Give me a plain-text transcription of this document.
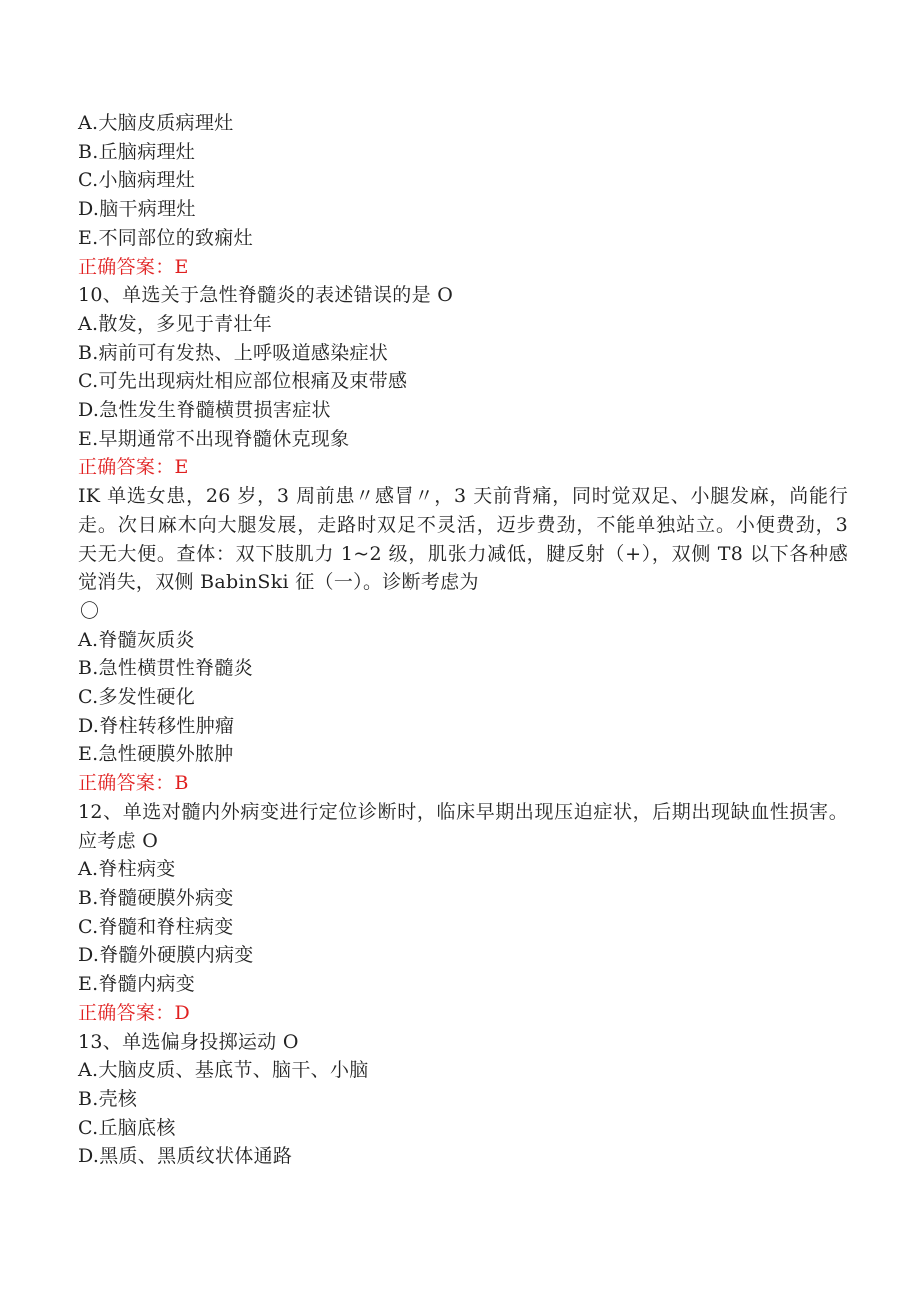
A.大脑皮质病理灶
B.丘脑病理灶
C.小脑病理灶
D.脑干病理灶
E.不同部位的致痫灶
正确答案：E
10、单选关于急性脊髓炎的表述错误的是 O
A.散发，多见于青壮年
B.病前可有发热、上呼吸道感染症状
C.可先出现病灶相应部位根痛及束带感
D.急性发生脊髓横贯损害症状
E.早期通常不出现脊髓休克现象
正确答案：E
IK 单选女患，26 岁，3 周前患〃感冒〃，3 天前背痛，同时觉双足、小腿发麻，尚能行走。次日麻木向大腿发展，走路时双足不灵活，迈步费劲，不能单独站立。小便费劲，3 天无大便。查体：双下肢肌力 1~2 级，肌张力减低，腱反射（+），双侧 T8 以下各种感觉消失，双侧 BabinSki 征（一）。诊断考虑为
〇
A.脊髓灰质炎
B.急性横贯性脊髓炎
C.多发性硬化
D.脊柱转移性肿瘤
E.急性硬膜外脓肿
正确答案：B
12、单选对髓内外病变进行定位诊断时，临床早期出现压迫症状，后期出现缺血性损害。应考虑 O
A.脊柱病变
B.脊髓硬膜外病变
C.脊髓和脊柱病变
D.脊髓外硬膜内病变
E.脊髓内病变
正确答案：D
13、单选偏身投掷运动 O
A.大脑皮质、基底节、脑干、小脑
B.壳核
C.丘脑底核
D.黑质、黑质纹状体通路
